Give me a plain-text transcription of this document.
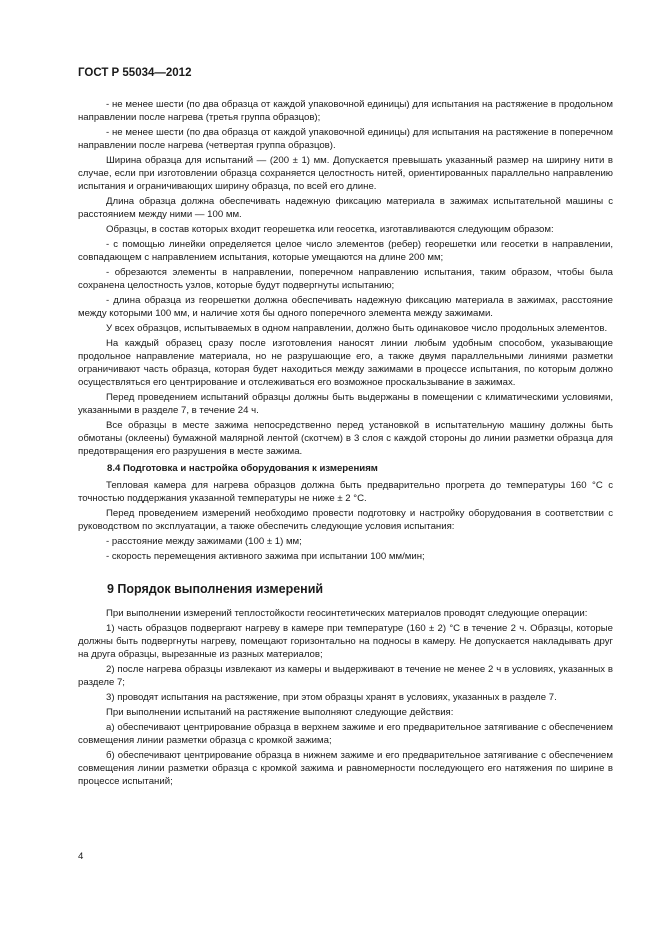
ГОСТ Р 55034—2012

- не менее шести (по два образца от каждой упаковочной единицы) для испытания на растяжение в продольном направлении после нагрева (третья группа образцов);

- не менее шести (по два образца от каждой упаковочной единицы) для испытания на растяжение в поперечном направлении после нагрева (четвертая группа образцов).

Ширина образца для испытаний — (200 ± 1) мм. Допускается превышать указанный размер на ширину нити в случае, если при изготовлении образца сохраняется целостность нитей, ориентированных параллельно направлению испытания и ограничивающих ширину образца, по всей его длине.

Длина образца должна обеспечивать надежную фиксацию материала в зажимах испытательной машины с расстоянием между ними — 100 мм.

Образцы, в состав которых входит георешетка или геосетка, изготавливаются следующим образом:

- с помощью линейки определяется целое число элементов (ребер) георешетки или геосетки в направлении, совпадающем с направлением испытания, которые умещаются на длине 200 мм;

- обрезаются элементы в направлении, поперечном направлению испытания, таким образом, чтобы была сохранена целостность узлов, которые будут подвергнуты испытанию;

- длина образца из георешетки должна обеспечивать надежную фиксацию материала в зажимах, расстояние между которыми 100 мм, и наличие хотя бы одного поперечного элемента между зажимами.

У всех образцов, испытываемых в одном направлении, должно быть одинаковое число продольных элементов.

На каждый образец сразу после изготовления наносят линии любым удобным способом, указывающие продольное направление материала, но не разрушающие его, а также двумя параллельными линиями разметки ограничивают часть образца, которая будет находиться между зажимами в процессе испытания, по которым должно осуществляться его центрирование и отслеживаться его возможное проскальзывание в зажимах.

Перед проведением испытаний образцы должны быть выдержаны в помещении с климатическими условиями, указанными в разделе 7, в течение 24 ч.

Все образцы в месте зажима непосредственно перед установкой в испытательную машину должны быть обмотаны (оклеены) бумажной малярной лентой (скотчем) в 3 слоя с каждой стороны до линии разметки образца для предотвращения его разрушения в месте зажима.

8.4 Подготовка и настройка оборудования к измерениям

Тепловая камера для нагрева образцов должна быть предварительно прогрета до температуры 160 °С с точностью поддержания указанной температуры не ниже ± 2 °С.

Перед проведением измерений необходимо провести подготовку и настройку оборудования в соответствии с руководством по эксплуатации, а также обеспечить следующие условия испытания:

- расстояние между зажимами (100 ± 1) мм;

- скорость перемещения активного зажима при испытании 100 мм/мин;

9 Порядок выполнения измерений

При выполнении измерений теплостойкости геосинтетических материалов проводят следующие операции:

1) часть образцов подвергают нагреву в камере при температуре (160 ± 2) °С в течение 2 ч. Образцы, которые должны быть подвергнуты нагреву, помещают горизонтально на подносы в камеру. Не допускается накладывать друг на друга образцы, вырезанные из разных материалов;

2) после нагрева образцы извлекают из камеры и выдерживают в течение не менее 2 ч в условиях, указанных в разделе 7;

3) проводят испытания на растяжение, при этом образцы хранят в условиях, указанных в разделе 7.

При выполнении испытаний на растяжение выполняют следующие действия:

а) обеспечивают центрирование образца в верхнем зажиме и его предварительное затягивание с обеспечением совмещения линии разметки образца с кромкой зажима;

б) обеспечивают центрирование образца в нижнем зажиме и его предварительное затягивание с обеспечением совмещения линии разметки образца с кромкой зажима и равномерности последующего его натяжения по ширине в процессе испытаний;

4
